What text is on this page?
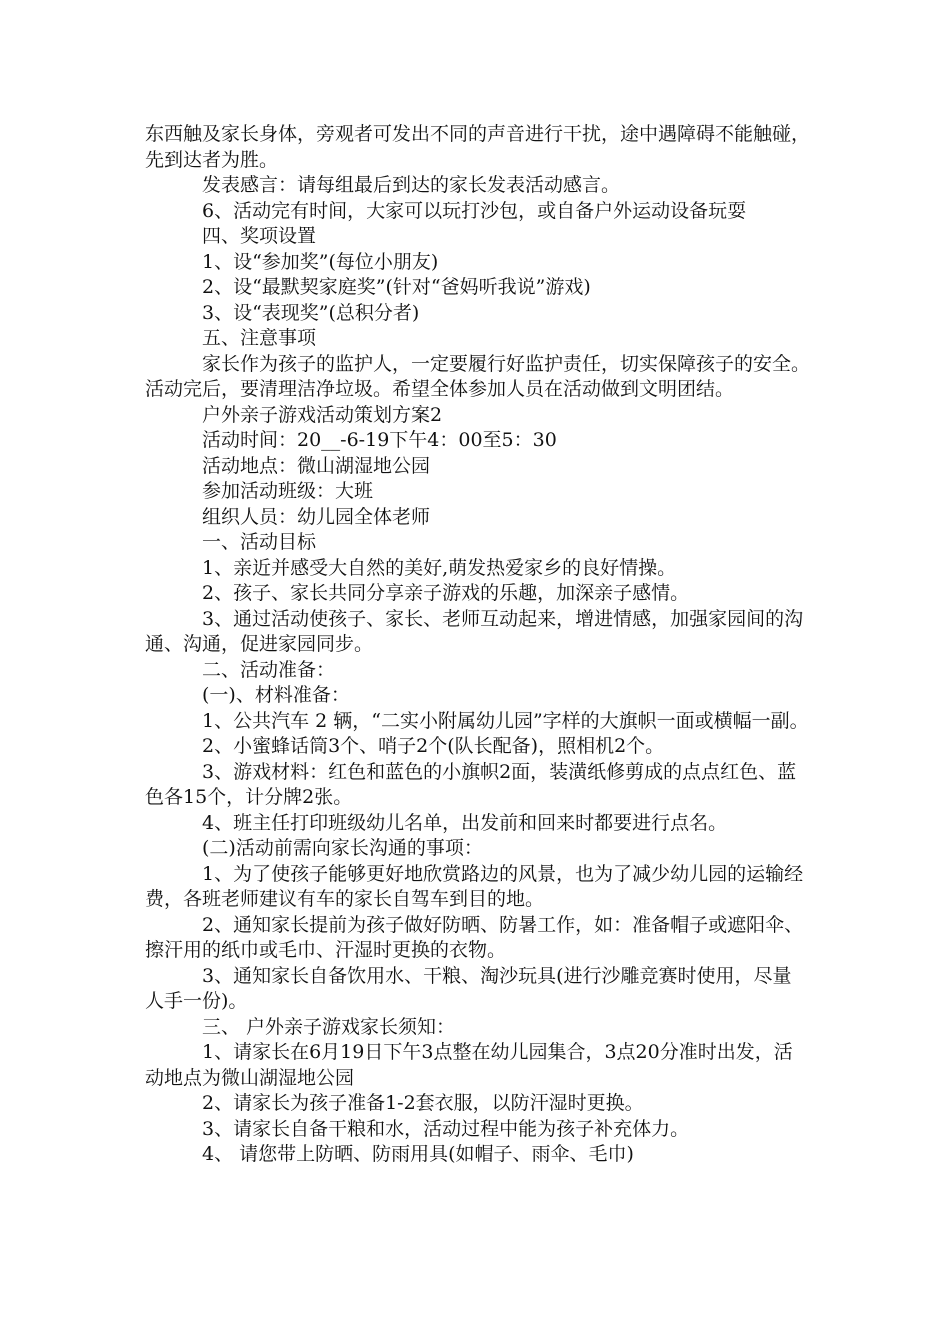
东西触及家长身体，旁观者可发出不同的声音进行干扰，途中遇障碍不能触碰，先到达者为胜。

发表感言：请每组最后到达的家长发表活动感言。

6、活动完有时间，大家可以玩打沙包，或自备户外运动设备玩耍

四、奖项设置

1、设“参加奖”(每位小朋友)

2、设“最默契家庭奖”(针对“爸妈听我说”游戏)

3、设“表现奖”(总积分者)

五、注意事项

家长作为孩子的监护人，一定要履行好监护责任，切实保障孩子的安全。活动完后，要清理洁净垃圾。希望全体参加人员在活动做到文明团结。

户外亲子游戏活动策划方案2

活动时间：20__-6-19下午4：00至5：30

活动地点：微山湖湿地公园

参加活动班级：大班

组织人员：幼儿园全体老师

一、活动目标

1、亲近并感受大自然的美好,萌发热爱家乡的良好情操。

2、孩子、家长共同分享亲子游戏的乐趣，加深亲子感情。

3、通过活动使孩子、家长、老师互动起来，增进情感，加强家园间的沟通、沟通，促进家园同步。

二、活动准备：

(一)、材料准备：

1、公共汽车 2 辆，“二实小附属幼儿园”字样的大旗帜一面或横幅一副。

2、小蜜蜂话筒3个、哨子2个(队长配备)，照相机2个。

3、游戏材料：红色和蓝色的小旗帜2面，装潢纸修剪成的点点红色、蓝色各15个，计分牌2张。

4、班主任打印班级幼儿名单，出发前和回来时都要进行点名。

(二)活动前需向家长沟通的事项：

1、为了使孩子能够更好地欣赏路边的风景，也为了减少幼儿园的运输经费，各班老师建议有车的家长自驾车到目的地。

2、通知家长提前为孩子做好防晒、防暑工作，如：准备帽子或遮阳伞、擦汗用的纸巾或毛巾、汗湿时更换的衣物。

3、通知家长自备饮用水、干粮、淘沙玩具(进行沙雕竞赛时使用，尽量人手一份)。

三、 户外亲子游戏家长须知：

1、请家长在6月19日下午3点整在幼儿园集合，3点20分准时出发，活动地点为微山湖湿地公园

2、请家长为孩子准备1-2套衣服，以防汗湿时更换。

3、请家长自备干粮和水，活动过程中能为孩子补充体力。

4、 请您带上防晒、防雨用具(如帽子、雨伞、毛巾)
